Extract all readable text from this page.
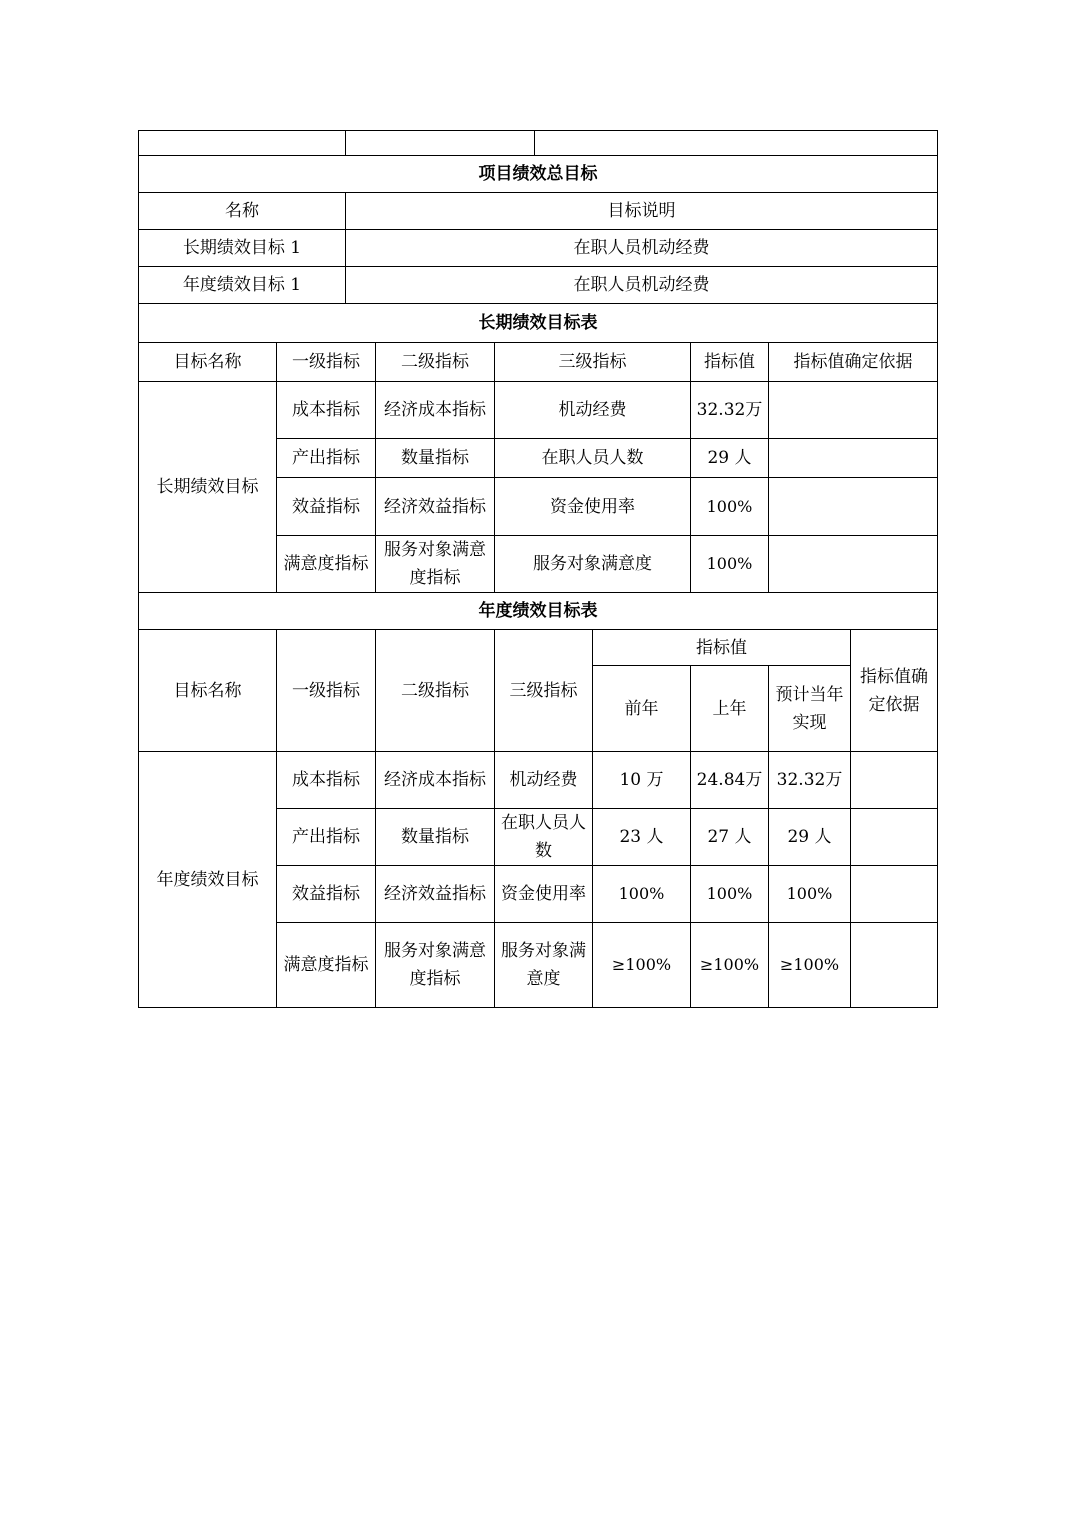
项目绩效总目标		
名称	目标说明	
长期绩效目标 1	在职人员机动经费	
年度绩效目标 1	在职人员机动经费	
长期绩效目标表					
目标名称	一级指标	二级指标	三级指标	指标值	指标值确定依据
长期绩效目标	成本指标	经济成本指标	机动经费	32.32万	
	产出指标	数量指标	在职人员人数	29 人	
	效益指标	经济效益指标	资金使用率	100%	
	满意度指标	服务对象满意度指标	服务对象满意度	100%	
年度绩效目标表							
目标名称	一级指标	二级指标	三级指标	指标值			指标值确定依据
				前年	上年	预计当年实现	
年度绩效目标	成本指标	经济成本指标	机动经费	10 万	24.84万	32.32万	
	产出指标	数量指标	在职人员人数	23 人	27 人	29 人	
	效益指标	经济效益指标	资金使用率	100%	100%	100%	
	满意度指标	服务对象满意度指标	服务对象满意度	≥100%	≥100%	≥100%	
